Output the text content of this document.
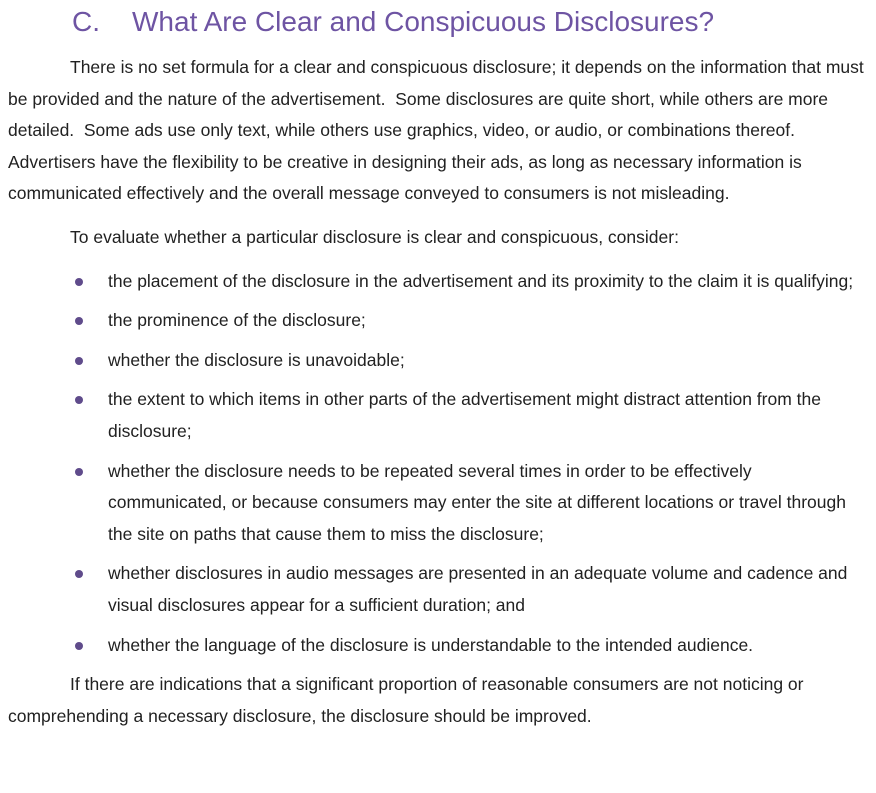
C. What Are Clear and Conspicuous Disclosures?

There is no set formula for a clear and conspicuous disclosure; it depends on the information that must be provided and the nature of the advertisement.  Some disclosures are quite short, while others are more detailed.  Some ads use only text, while others use graphics, video, or audio, or combinations thereof.  Advertisers have the flexibility to be creative in designing their ads, as long as necessary information is communicated effectively and the overall message conveyed to consumers is not misleading.

To evaluate whether a particular disclosure is clear and conspicuous, consider:

the placement of the disclosure in the advertisement and its proximity to the claim it is qualifying;
the prominence of the disclosure;
whether the disclosure is unavoidable;
the extent to which items in other parts of the advertisement might distract attention from the disclosure;
whether the disclosure needs to be repeated several times in order to be effectively communicated, or because consumers may enter the site at different locations or travel through the site on paths that cause them to miss the disclosure;
whether disclosures in audio messages are presented in an adequate volume and cadence and visual disclosures appear for a sufficient duration; and
whether the language of the disclosure is understandable to the intended audience.

If there are indications that a significant proportion of reasonable consumers are not noticing or comprehending a necessary disclosure, the disclosure should be improved.
